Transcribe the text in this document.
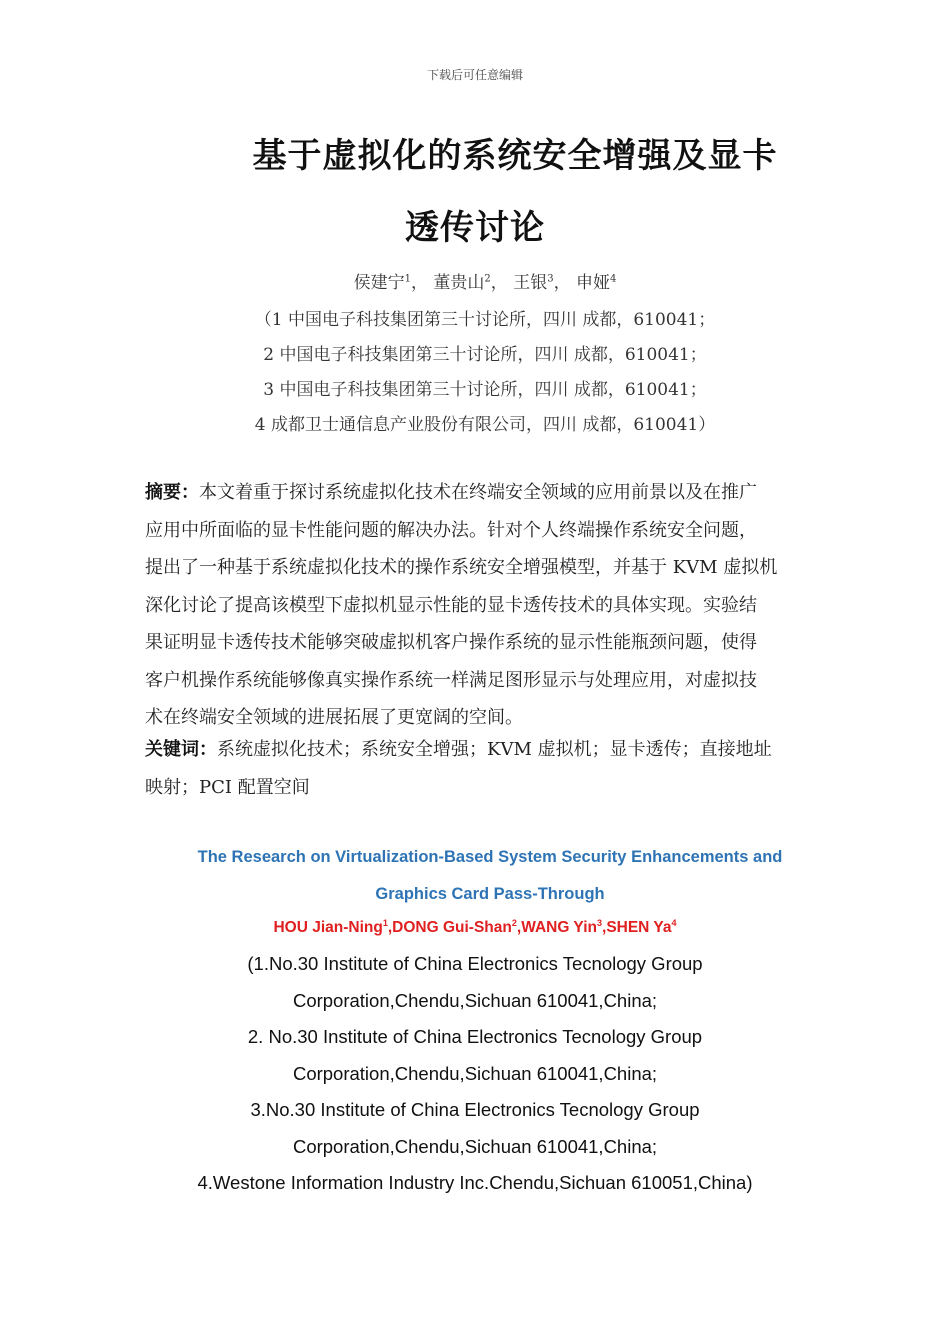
下载后可任意编辑
基于虚拟化的系统安全增强及显卡
透传讨论
侯建宁$^1$， 董贵山$^2$， 王银$^3$， 申娅$^4$
（1 中国电子科技集团第三十讨论所，四川 成都，610041；
2 中国电子科技集团第三十讨论所，四川 成都，610041；
3 中国电子科技集团第三十讨论所，四川 成都，610041；
4 成都卫士通信息产业股份有限公司，四川 成都，610041）
摘要：本文着重于探讨系统虚拟化技术在终端安全领域的应用前景以及在推广
应用中所面临的显卡性能问题的解决办法。针对个人终端操作系统安全问题，
提出了一种基于系统虚拟化技术的操作系统安全增强模型，并基于 KVM 虚拟机
深化讨论了提高该模型下虚拟机显示性能的显卡透传技术的具体实现。实验结
果证明显卡透传技术能够突破虚拟机客户操作系统的显示性能瓶颈问题，使得
客户机操作系统能够像真实操作系统一样满足图形显示与处理应用，对虚拟技
术在终端安全领域的进展拓展了更宽阔的空间。
关键词：系统虚拟化技术；系统安全增强；KVM 虚拟机；显卡透传；直接地址
映射；PCI 配置空间
The Research on Virtualization-Based System Security Enhancements and
Graphics Card Pass-Through
HOU Jian-Ning$^1$,DONG Gui-Shan$^2$,WANG Yin$^3$,SHEN Ya$^4$
(1.No.30 Institute of China Electronics Tecnology Group
Corporation,Chendu,Sichuan 610041,China;
2. No.30 Institute of China Electronics Tecnology Group
Corporation,Chendu,Sichuan 610041,China;
3.No.30 Institute of China Electronics Tecnology Group
Corporation,Chendu,Sichuan 610041,China;
4.Westone Information Industry Inc.Chendu,Sichuan 610051,China)
